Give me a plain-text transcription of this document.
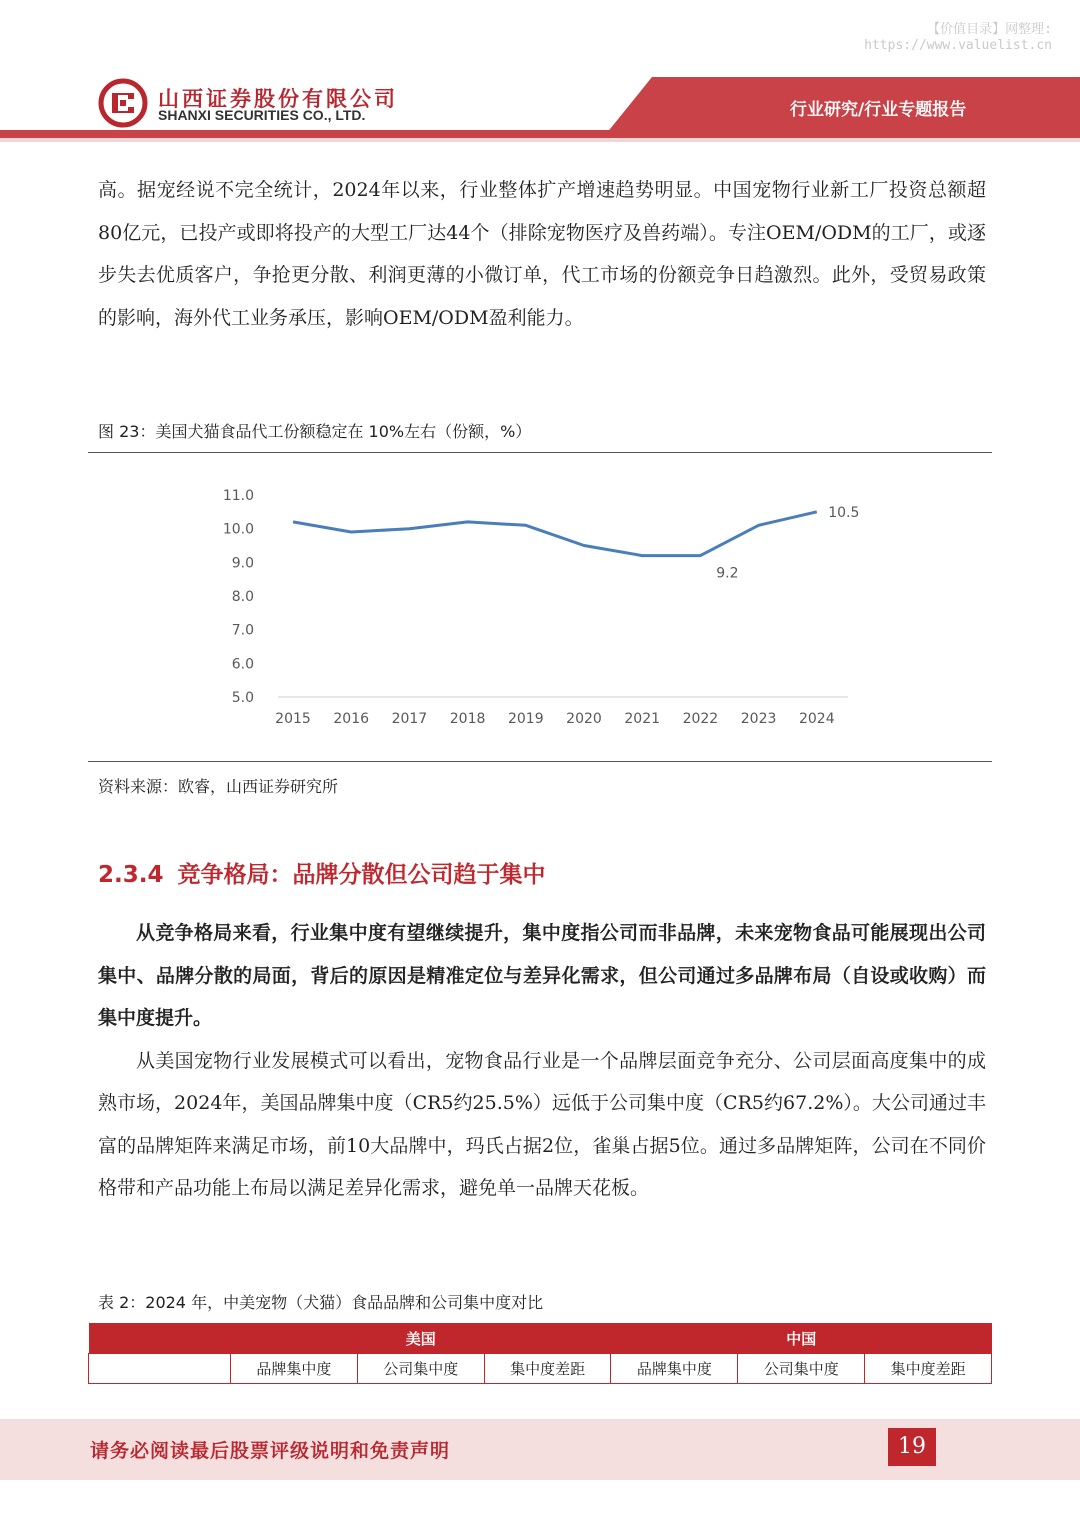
【价值目录】网整理:
https://www.valuelist.cn
山西证券股份有限公司
SHANXI SECURITIES CO., LTD.	行业研究/行业专题报告

高。据宠经说不完全统计，2024年以来，行业整体扩产增速趋势明显。中国宠物行业新工厂投资总额超80亿元，已投产或即将投产的大型工厂达44个（排除宠物医疗及兽药端）。专注OEM/ODM的工厂，或逐步失去优质客户，争抢更分散、利润更薄的小微订单，代工市场的份额竞争日趋激烈。此外，受贸易政策的影响，海外代工业务承压，影响OEM/ODM盈利能力。

图 23：美国犬猫食品代工份额稳定在 10%左右（份额，%）
5.0
6.0
7.0
8.0
9.0
10.0
11.0
2015 2016 2017 2018 2019 2020 2021 2022 2023 2024
9.2
10.5
资料来源：欧睿，山西证券研究所
2.3.4 竞争格局：品牌分散但公司趋于集中

从竞争格局来看，行业集中度有望继续提升，集中度指公司而非品牌，未来宠物食品可能展现出公司集中、品牌分散的局面，背后的原因是精准定位与差异化需求，但公司通过多品牌布局（自设或收购）而集中度提升。

从美国宠物行业发展模式可以看出，宠物食品行业是一个品牌层面竞争充分、公司层面高度集中的成熟市场，2024年，美国品牌集中度（CR5约25.5%）远低于公司集中度（CR5约67.2%）。大公司通过丰富的品牌矩阵来满足市场，前10大品牌中，玛氏占据2位，雀巢占据5位。通过多品牌矩阵，公司在不同价格带和产品功能上布局以满足差异化需求，避免单一品牌天花板。

表 2：2024 年，中美宠物（犬猫）食品品牌和公司集中度对比
	美国			中国		
	品牌集中度	公司集中度	集中度差距	品牌集中度	公司集中度	集中度差距
请务必阅读最后股票评级说明和免责声明	19
